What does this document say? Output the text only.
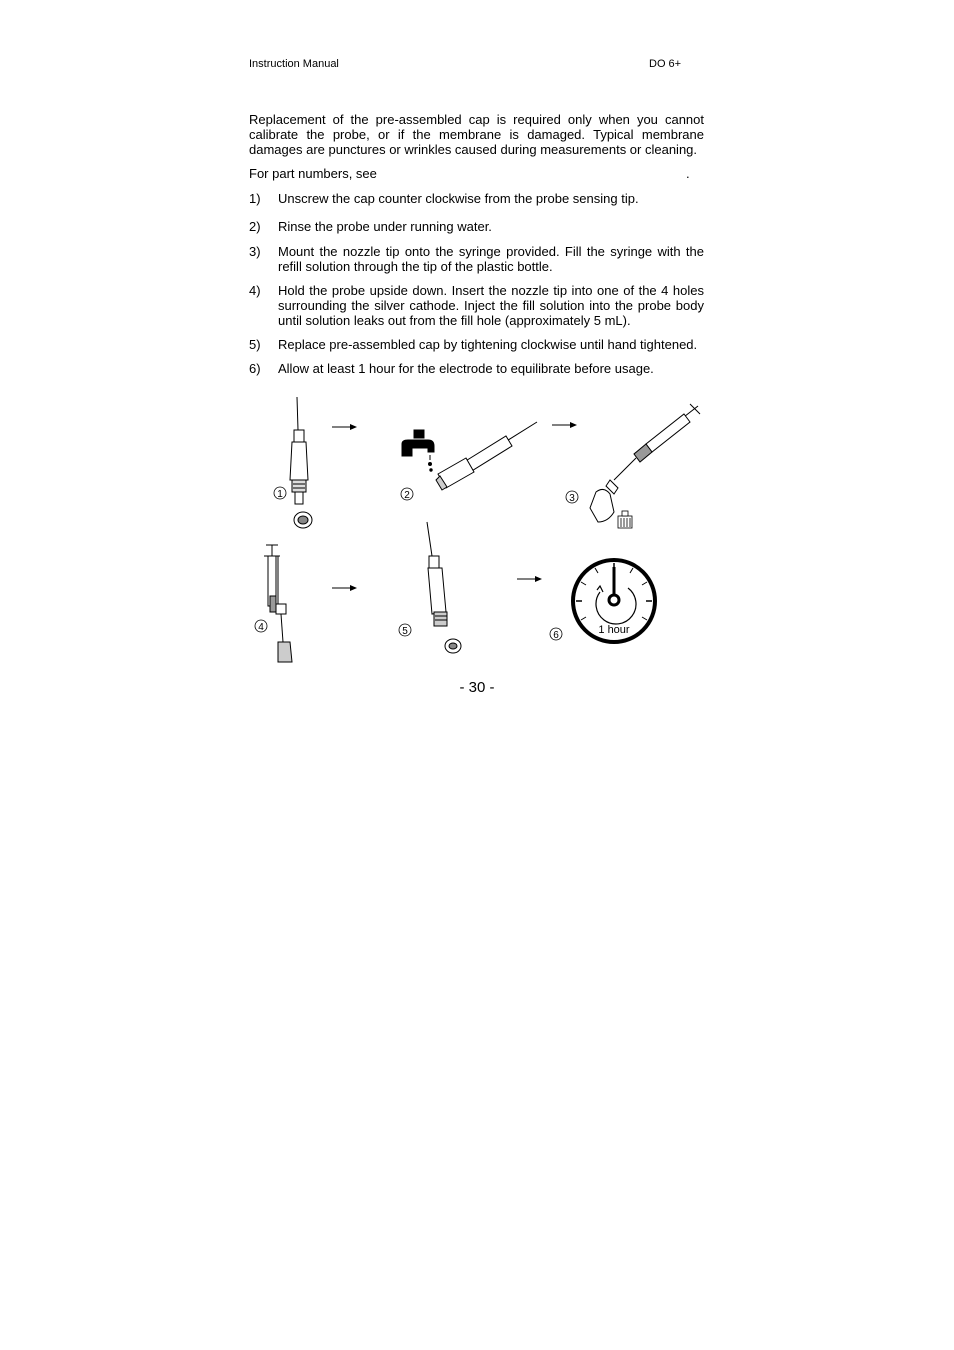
Instruction Manual	DO 6+
Replacement of the pre-assembled cap is required only when you cannot calibrate the probe, or if the membrane is damaged. Typical membrane damages are punctures or wrinkles caused during measurements or cleaning.
For part numbers, see	.
1) Unscrew the cap counter clockwise from the probe sensing tip.
2) Rinse the probe under running water.
3) Mount the nozzle tip onto the syringe provided. Fill the syringe with the refill solution through the tip of the plastic bottle.
4) Hold the probe upside down. Insert the nozzle tip into one of the 4 holes surrounding the silver cathode. Inject the fill solution into the probe body until solution leaks out from the fill hole (approximately 5 mL).
5) Replace pre-assembled cap by tightening clockwise until hand tightened.
6) Allow at least 1 hour for the electrode to equilibrate before usage.
1	2	3
4	5	1 hour
6
- 30 -
